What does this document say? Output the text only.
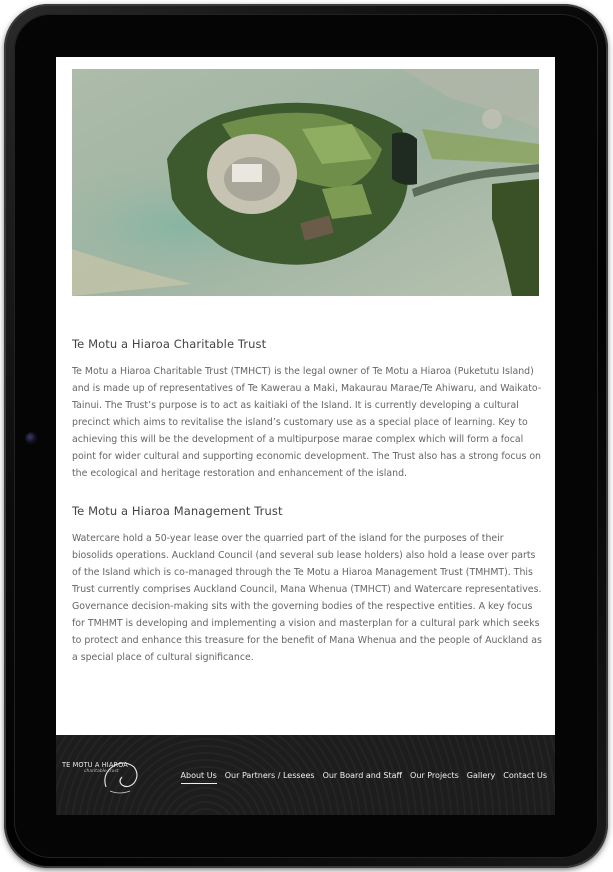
Te Motu a Hiaroa Charitable Trust

Te Motu a Hiaroa Charitable Trust (TMHCT) is the legal owner of Te Motu a Hiaroa (Puketutu Island) and is made up of representatives of Te Kawerau a Maki, Makaurau Marae/Te Ahiwaru, and Waikato-Tainui. The Trust’s purpose is to act as kaitiaki of the Island. It is currently developing a cultural precinct which aims to revitalise the island’s customary use as a special place of learning. Key to achieving this will be the development of a multipurpose marae complex which will form a focal point for wider cultural and supporting economic development. The Trust also has a strong focus on the ecological and heritage restoration and enhancement of the island.

Te Motu a Hiaroa Management Trust

Watercare hold a 50-year lease over the quarried part of the island for the purposes of their biosolids operations. Auckland Council (and several sub lease holders) also hold a lease over parts of the Island which is co-managed through the Te Motu a Hiaroa Management Trust (TMHMT). This Trust currently comprises Auckland Council, Mana Whenua (TMHCT) and Watercare representatives. Governance decision-making sits with the governing bodies of the respective entities. A key focus for TMHMT is developing and implementing a vision and masterplan for a cultural park which seeks to protect and enhance this treasure for the benefit of Mana Whenua and the people of Auckland as a special place of cultural significance.

TE MOTU A HIAROA
charitable trust	About Us Our Partners / Lessees Our Board and Staff Our Projects Gallery Contact Us
